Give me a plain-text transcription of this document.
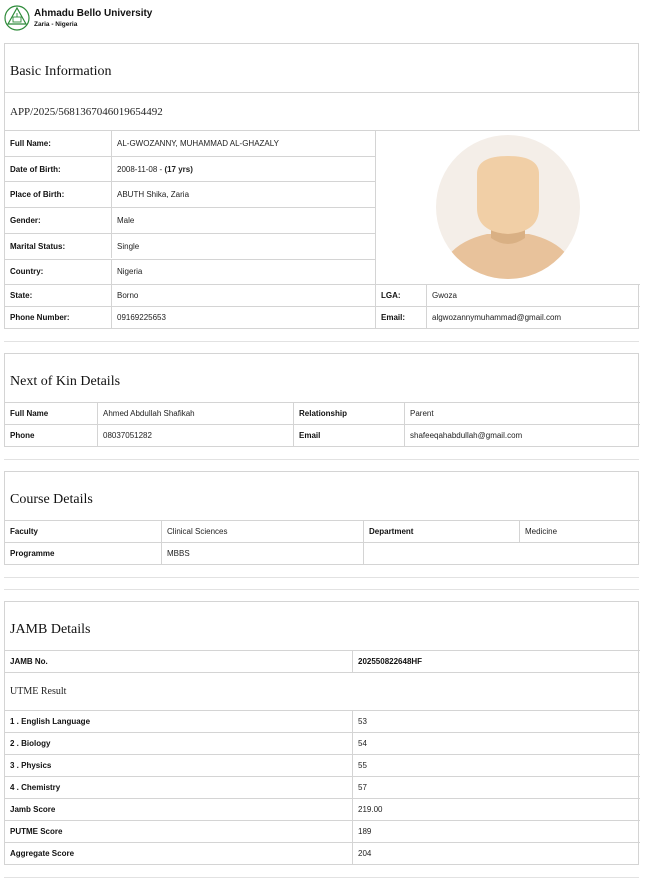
Ahmadu Bello University
Zaria - Nigeria
Basic Information
APP/2025/5681367046019654492
Full Name:	AL-GWOZANNY, MUHAMMAD AL-GHAZALY
Date of Birth:	2008-11-08 - (17 yrs)
Place of Birth:	ABUTH Shika, Zaria
Gender:	Male
Marital Status:	Single
Country:	Nigeria
State:	Borno	LGA:	Gwoza
Phone Number:	09169225653	Email:	algwozannymuhammad@gmail.com
Next of Kin Details
Full Name	Ahmed Abdullah Shafikah	Relationship	Parent
Phone	08037051282	Email	shafeeqahabdullah@gmail.com
Course Details
Faculty	Clinical Sciences	Department	Medicine
Programme	MBBS
JAMB Details
JAMB No.	202550822648HF
UTME Result
1 . English Language	53
2 . Biology	54
3 . Physics	55
4 . Chemistry	57
Jamb Score	219.00
PUTME Score	189
Aggregate Score	204
